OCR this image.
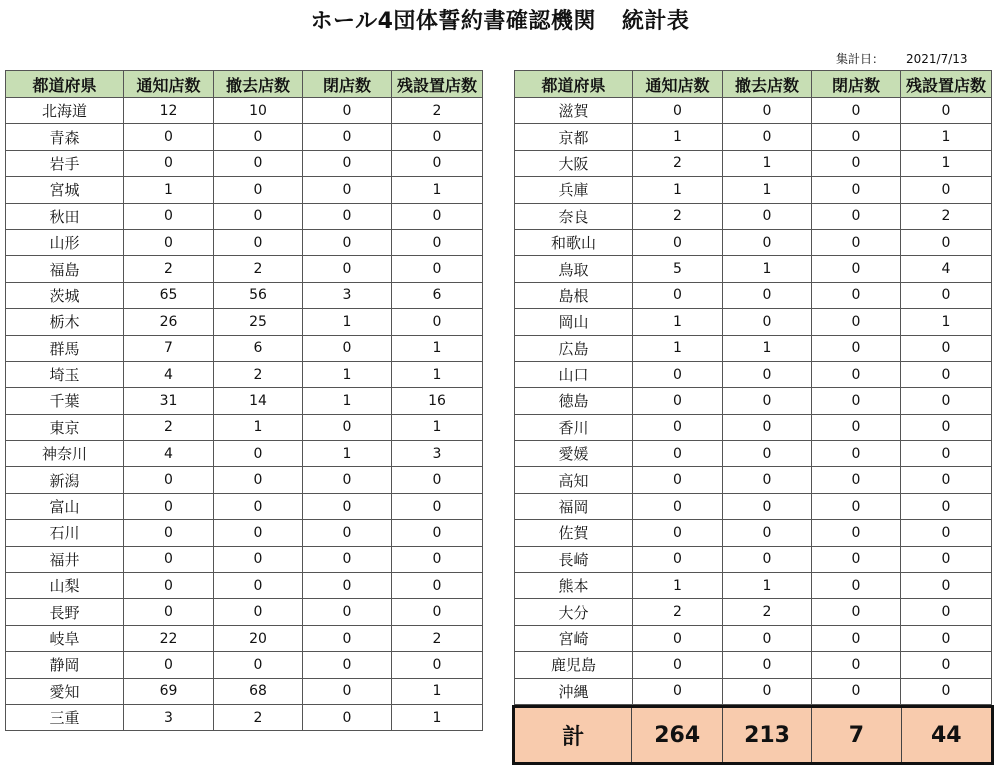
ホール4団体誓約書確認機関 統計表
集計日： 2021/7/13
都道府県	通知店数	撤去店数	閉店数	残設置店数
北海道	12	10	0	2
青森	0	0	0	0
岩手	0	0	0	0
宮城	1	0	0	1
秋田	0	0	0	0
山形	0	0	0	0
福島	2	2	0	0
茨城	65	56	3	6
栃木	26	25	1	0
群馬	7	6	0	1
埼玉	4	2	1	1
千葉	31	14	1	16
東京	2	1	0	1
神奈川	4	0	1	3
新潟	0	0	0	0
富山	0	0	0	0
石川	0	0	0	0
福井	0	0	0	0
山梨	0	0	0	0
長野	0	0	0	0
岐阜	22	20	0	2
静岡	0	0	0	0
愛知	69	68	0	1
三重	3	2	0	1
都道府県	通知店数	撤去店数	閉店数	残設置店数
滋賀	0	0	0	0
京都	1	0	0	1
大阪	2	1	0	1
兵庫	1	1	0	0
奈良	2	0	0	2
和歌山	0	0	0	0
鳥取	5	1	0	4
島根	0	0	0	0
岡山	1	0	0	1
広島	1	1	0	0
山口	0	0	0	0
徳島	0	0	0	0
香川	0	0	0	0
愛媛	0	0	0	0
高知	0	0	0	0
福岡	0	0	0	0
佐賀	0	0	0	0
長崎	0	0	0	0
熊本	1	1	0	0
大分	2	2	0	0
宮崎	0	0	0	0
鹿児島	0	0	0	0
沖縄	0	0	0	0
計	264	213	7	44
